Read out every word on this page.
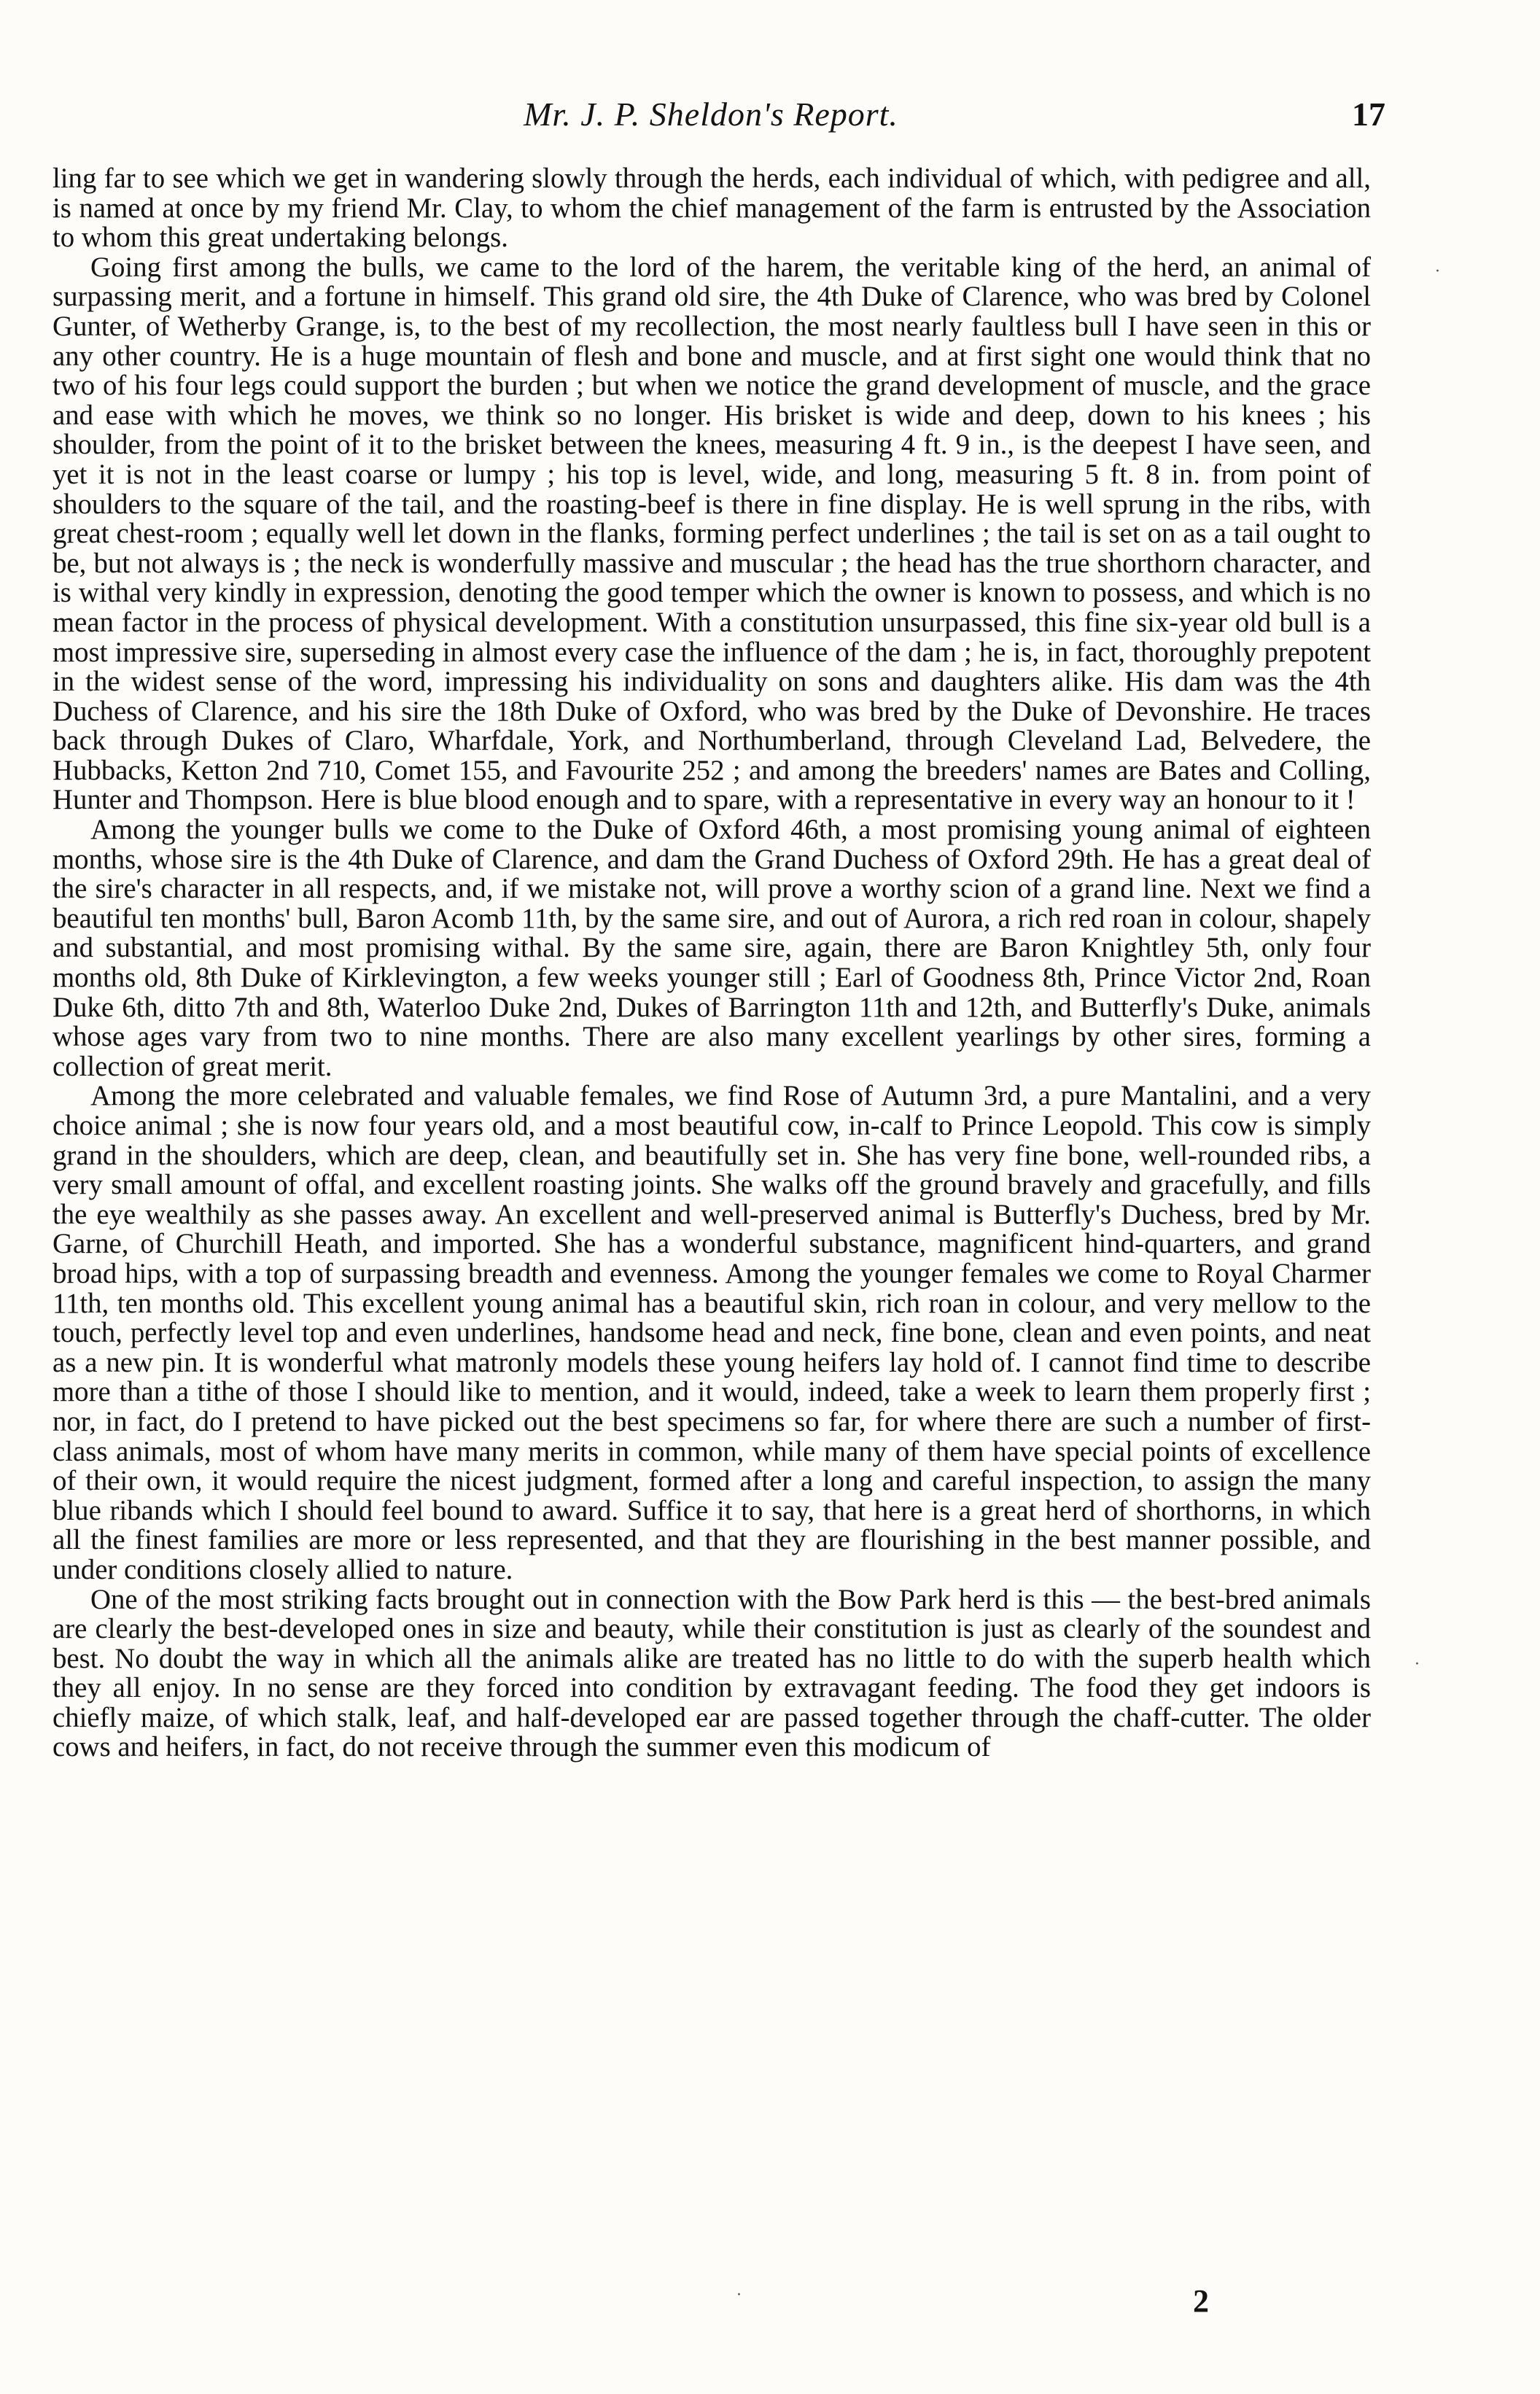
Mr. J. P. Sheldon's Report.	17

ling far to see which we get in wandering slowly through the herds, each individual of which, with pedigree and all, is named at once by my friend Mr. Clay, to whom the chief management of the farm is entrusted by the Association to whom this great undertaking belongs.

Going first among the bulls, we came to the lord of the harem, the veritable king of the herd, an animal of surpassing merit, and a fortune in himself. This grand old sire, the 4th Duke of Clarence, who was bred by Colonel Gunter, of Wetherby Grange, is, to the best of my recollection, the most nearly faultless bull I have seen in this or any other country. He is a huge mountain of flesh and bone and muscle, and at first sight one would think that no two of his four legs could support the burden ; but when we notice the grand development of muscle, and the grace and ease with which he moves, we think so no longer. His brisket is wide and deep, down to his knees ; his shoulder, from the point of it to the brisket between the knees, measuring 4 ft. 9 in., is the deepest I have seen, and yet it is not in the least coarse or lumpy ; his top is level, wide, and long, measuring 5 ft. 8 in. from point of shoulders to the square of the tail, and the roasting-beef is there in fine display. He is well sprung in the ribs, with great chest-room ; equally well let down in the flanks, forming perfect underlines ; the tail is set on as a tail ought to be, but not always is ; the neck is wonderfully massive and muscular ; the head has the true shorthorn character, and is withal very kindly in expression, denoting the good temper which the owner is known to possess, and which is no mean factor in the process of physical development. With a constitution unsurpassed, this fine six-year old bull is a most impressive sire, superseding in almost every case the influence of the dam ; he is, in fact, thoroughly prepotent in the widest sense of the word, impressing his individuality on sons and daughters alike. His dam was the 4th Duchess of Clarence, and his sire the 18th Duke of Oxford, who was bred by the Duke of Devonshire. He traces back through Dukes of Claro, Wharfdale, York, and Northumberland, through Cleveland Lad, Belvedere, the Hubbacks, Ketton 2nd 710, Comet 155, and Favourite 252 ; and among the breeders' names are Bates and Colling, Hunter and Thompson. Here is blue blood enough and to spare, with a representative in every way an honour to it !

Among the younger bulls we come to the Duke of Oxford 46th, a most promising young animal of eighteen months, whose sire is the 4th Duke of Clarence, and dam the Grand Duchess of Oxford 29th. He has a great deal of the sire's character in all respects, and, if we mistake not, will prove a worthy scion of a grand line. Next we find a beautiful ten months' bull, Baron Acomb 11th, by the same sire, and out of Aurora, a rich red roan in colour, shapely and substantial, and most promising withal. By the same sire, again, there are Baron Knightley 5th, only four months old, 8th Duke of Kirklevington, a few weeks younger still ; Earl of Goodness 8th, Prince Victor 2nd, Roan Duke 6th, ditto 7th and 8th, Waterloo Duke 2nd, Dukes of Barrington 11th and 12th, and Butterfly's Duke, animals whose ages vary from two to nine months. There are also many excellent yearlings by other sires, forming a collection of great merit.

Among the more celebrated and valuable females, we find Rose of Autumn 3rd, a pure Mantalini, and a very choice animal ; she is now four years old, and a most beautiful cow, in-calf to Prince Leopold. This cow is simply grand in the shoulders, which are deep, clean, and beautifully set in. She has very fine bone, well-rounded ribs, a very small amount of offal, and excellent roasting joints. She walks off the ground bravely and gracefully, and fills the eye wealthily as she passes away. An excellent and well-preserved animal is Butterfly's Duchess, bred by Mr. Garne, of Churchill Heath, and imported. She has a wonderful substance, magnificent hind-quarters, and grand broad hips, with a top of surpassing breadth and evenness. Among the younger females we come to Royal Charmer 11th, ten months old. This excellent young animal has a beautiful skin, rich roan in colour, and very mellow to the touch, perfectly level top and even underlines, handsome head and neck, fine bone, clean and even points, and neat as a new pin. It is wonderful what matronly models these young heifers lay hold of. I cannot find time to describe more than a tithe of those I should like to mention, and it would, indeed, take a week to learn them properly first ; nor, in fact, do I pretend to have picked out the best specimens so far, for where there are such a number of first-class animals, most of whom have many merits in common, while many of them have special points of excellence of their own, it would require the nicest judgment, formed after a long and careful inspection, to assign the many blue ribands which I should feel bound to award. Suffice it to say, that here is a great herd of shorthorns, in which all the finest families are more or less represented, and that they are flourishing in the best manner possible, and under conditions closely allied to nature.

One of the most striking facts brought out in connection with the Bow Park herd is this — the best-bred animals are clearly the best-developed ones in size and beauty, while their constitution is just as clearly of the soundest and best. No doubt the way in which all the animals alike are treated has no little to do with the superb health which they all enjoy. In no sense are they forced into condition by extravagant feeding. The food they get indoors is chiefly maize, of which stalk, leaf, and half-developed ear are passed together through the chaff-cutter. The older cows and heifers, in fact, do not receive through the summer even this modicum of

2
·
·
·
